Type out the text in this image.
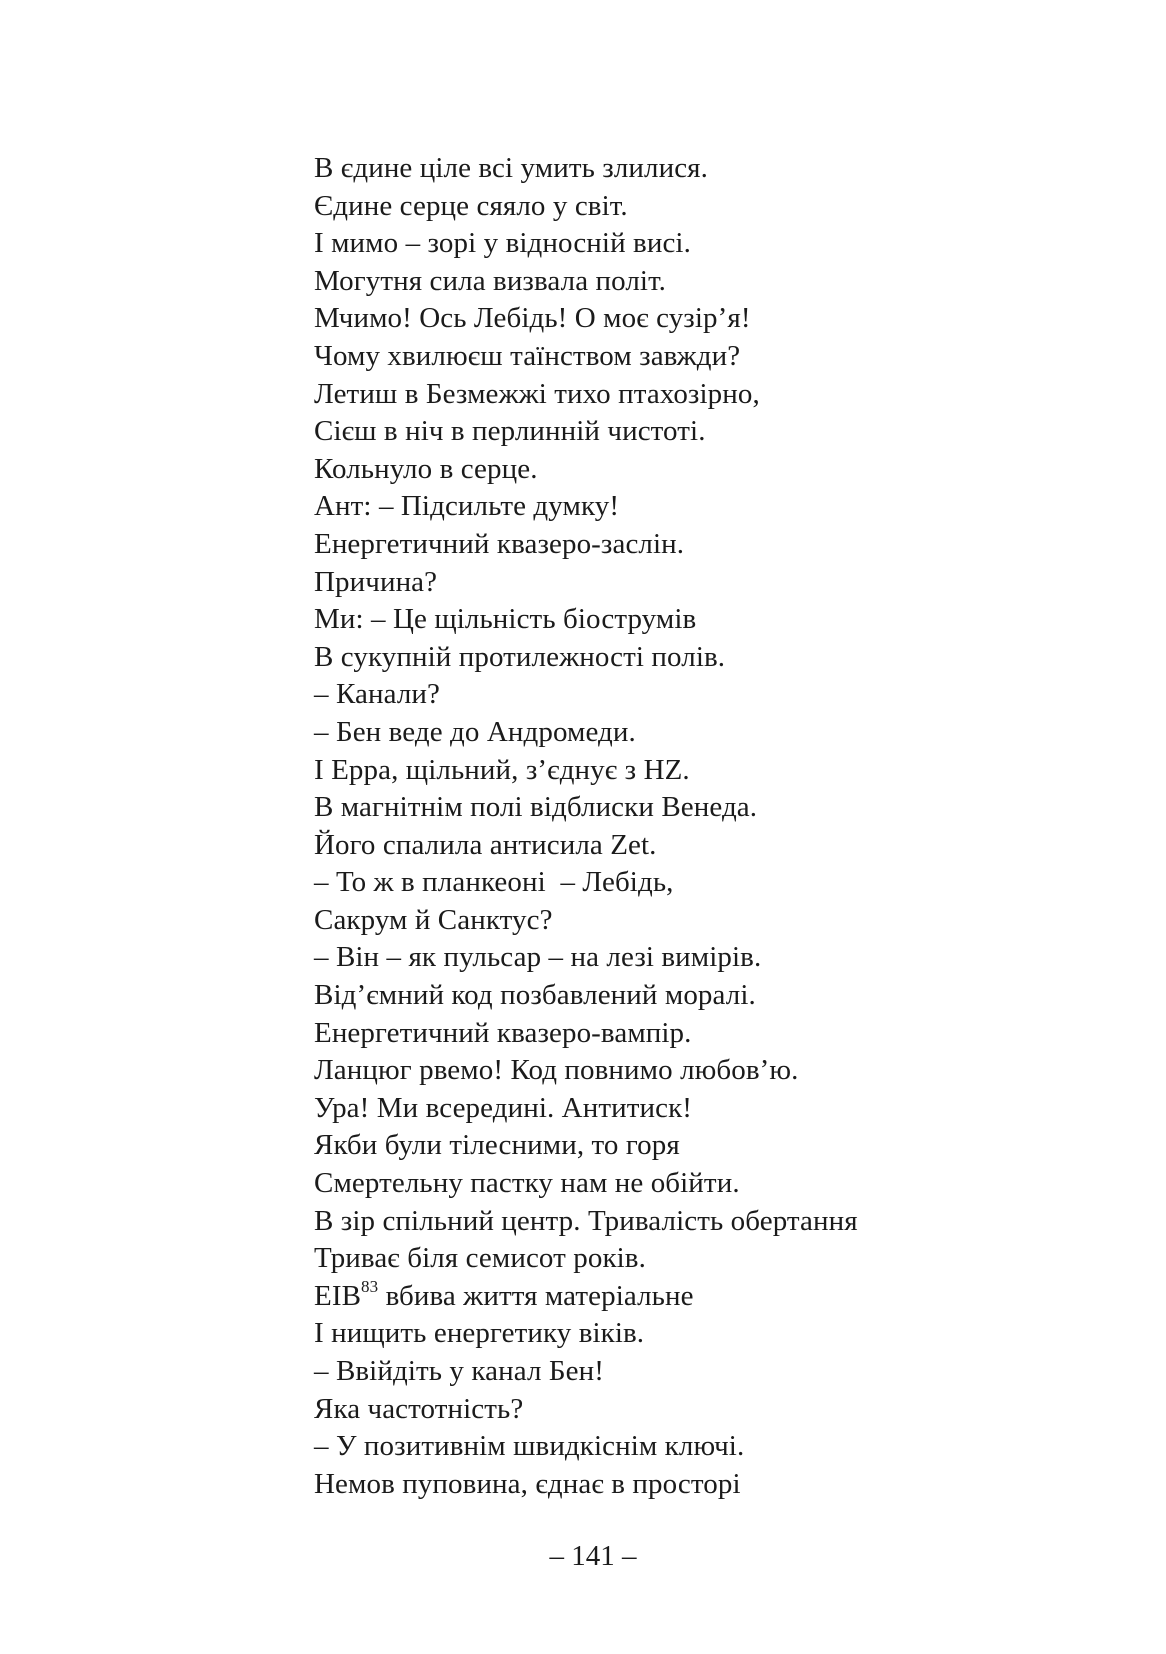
В єдине ціле всі умить злилися.
Єдине серце сяяло у світ.
І мимо – зорі у відносній висі.
Могутня сила визвала політ.
Мчимо! Ось Лебідь! О моє сузір’я!
Чому хвилюєш таїнством завжди?
Летиш в Безмежжі тихо птахозірно,
Сієш в ніч в перлинній чистоті.
Кольнуло в серце.
Ант: – Підсильте думку!
Енергетичний квазеро-заслін.
Причина?
Ми: – Це щільність біострумів
В сукупній протилежності полів.
– Канали?
– Бен веде до Андромеди.
І Ерра, щільний, з’єднує з HZ.
В магнітнім полі відблиски Венеда.
Його спалила антисила Zet.
– То ж в планкеоні  – Лебідь,
Сакрум й Санктус?
– Він – як пульсар – на лезі вимірів.
Від’ємний код позбавлений моралі.
Енергетичний квазеро-вампір.
Ланцюг рвемо! Код повнимо любов’ю.
Ура! Ми всередині. Антитиск!
Якби були тілесними, то горя
Смертельну пастку нам не обійти.
В зір спільний центр. Тривалість обертання
Триває біля семисот років.
ЕІВ$^{83}$ вбива життя матеріальне
І нищить енергетику віків.
– Ввійдіть у канал Бен!
Яка частотність?
– У позитивнім швидкіснім ключі.
Немов пуповина, єднає в просторі
– 141 –
